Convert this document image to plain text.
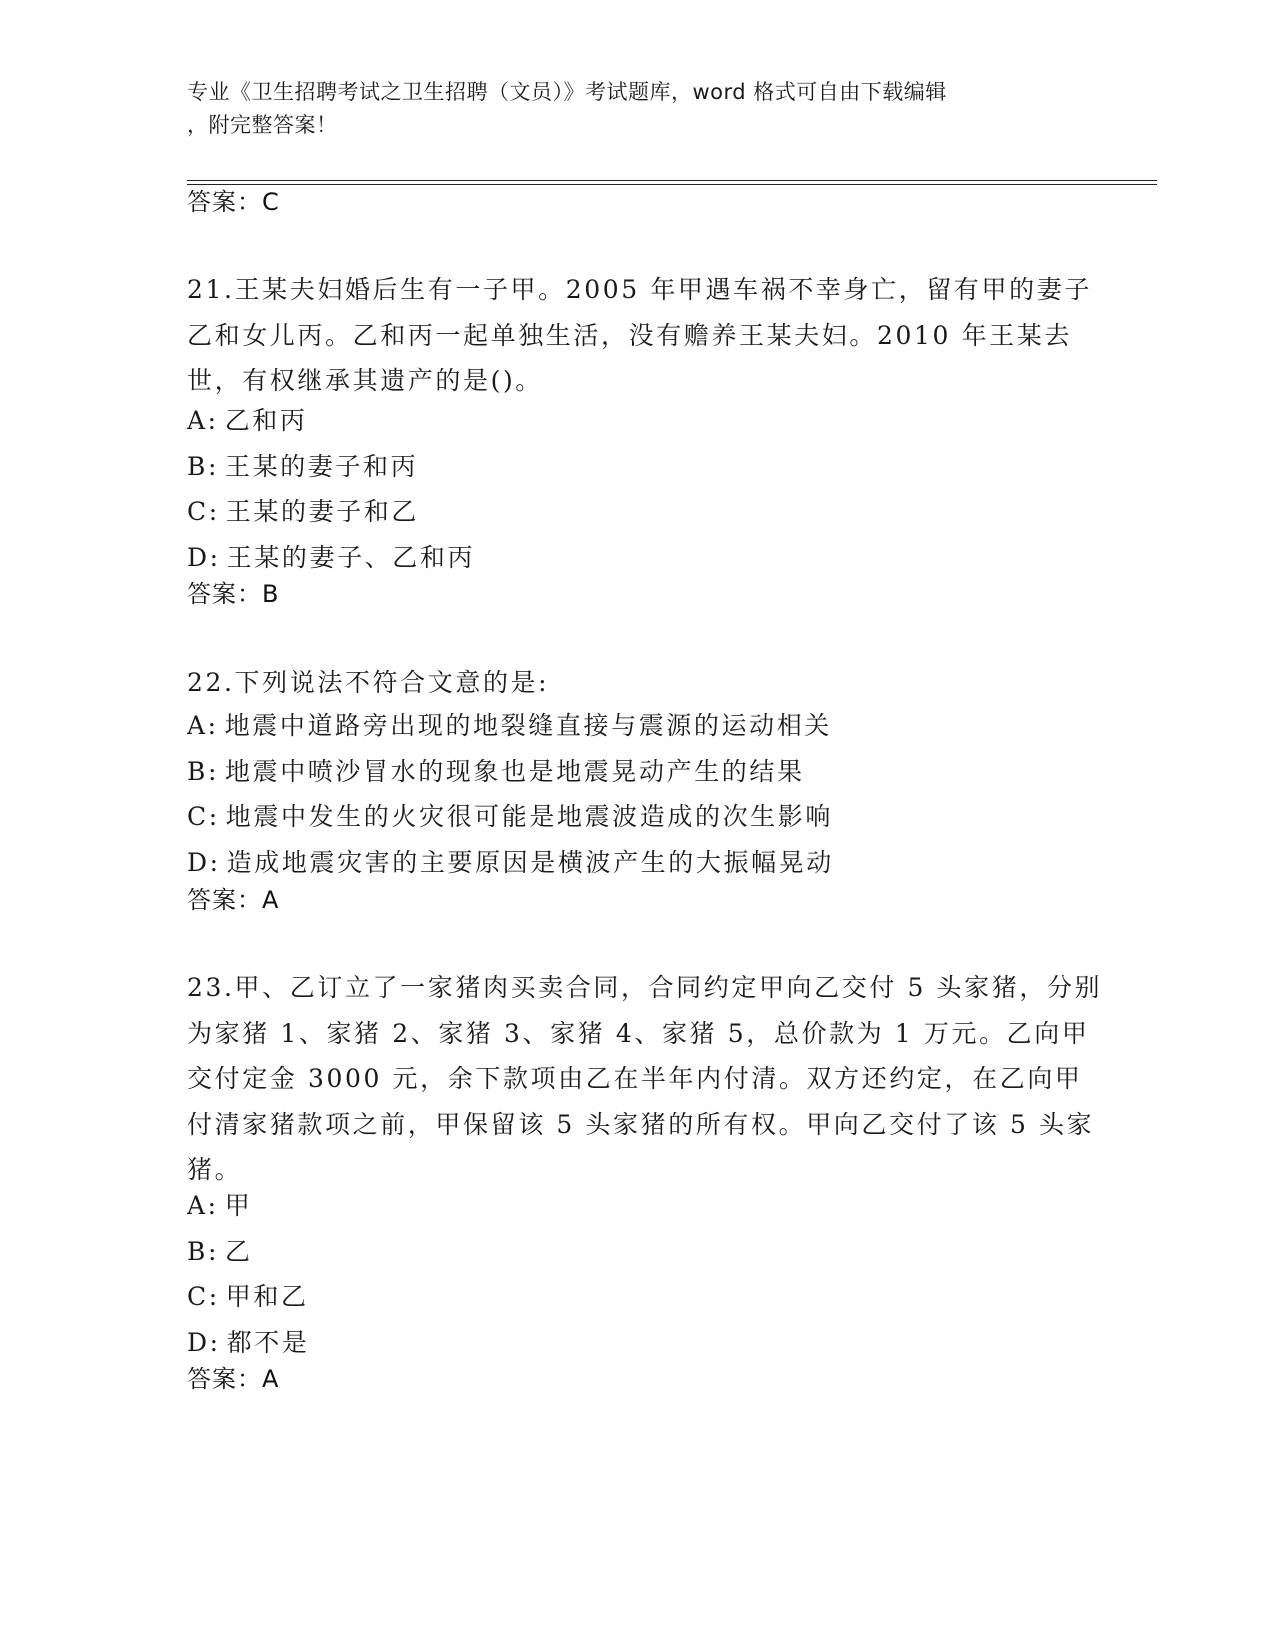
专业《卫生招聘考试之卫生招聘（文员）》考试题库，word 格式可自由下载编辑
，附完整答案！
答案：C
21.王某夫妇婚后生有一子甲。2005 年甲遇车祸不幸身亡，留有甲的妻子乙和女儿丙。乙和丙一起单独生活，没有赡养王某夫妇。2010 年王某去世，有权继承其遗产的是()。
A: 乙和丙
B: 王某的妻子和丙
C: 王某的妻子和乙
D: 王某的妻子、乙和丙
答案：B
22.下列说法不符合文意的是:
A: 地震中道路旁出现的地裂缝直接与震源的运动相关
B: 地震中喷沙冒水的现象也是地震晃动产生的结果
C: 地震中发生的火灾很可能是地震波造成的次生影响
D: 造成地震灾害的主要原因是横波产生的大振幅晃动
答案：A
23.甲、乙订立了一家猪肉买卖合同，合同约定甲向乙交付 5 头家猪，分别为家猪 1、家猪 2、家猪 3、家猪 4、家猪 5，总价款为 1 万元。乙向甲交付定金 3000 元，余下款项由乙在半年内付清。双方还约定，在乙向甲付清家猪款项之前，甲保留该 5 头家猪的所有权。甲向乙交付了该 5 头家猪。
A: 甲
B: 乙
C: 甲和乙
D: 都不是
答案：A
